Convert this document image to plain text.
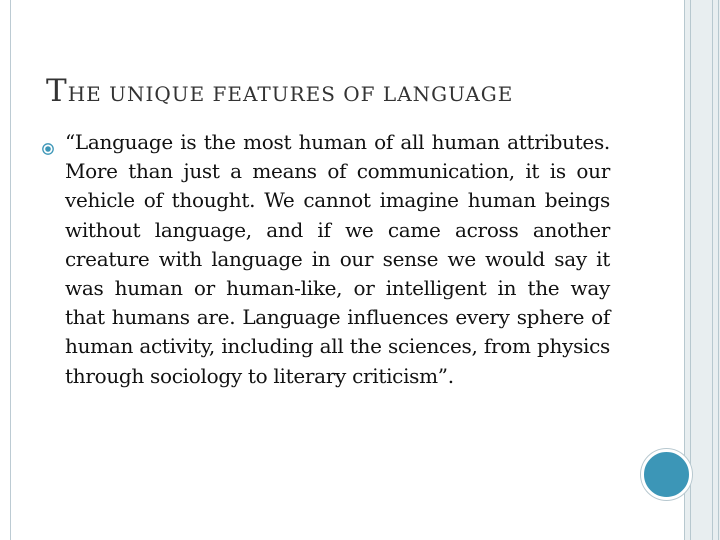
THE UNIQUE FEATURES OF LANGUAGE

“Language is the most human of all human attributes. More than just a means of communication, it is our vehicle of thought. We cannot imagine human beings without language, and if we came across another creature with language in our sense we would say it was human or human-like, or intelligent in the way that humans are. Language influences every sphere of human activity, including all the sciences, from physics through sociology to literary criticism”.
